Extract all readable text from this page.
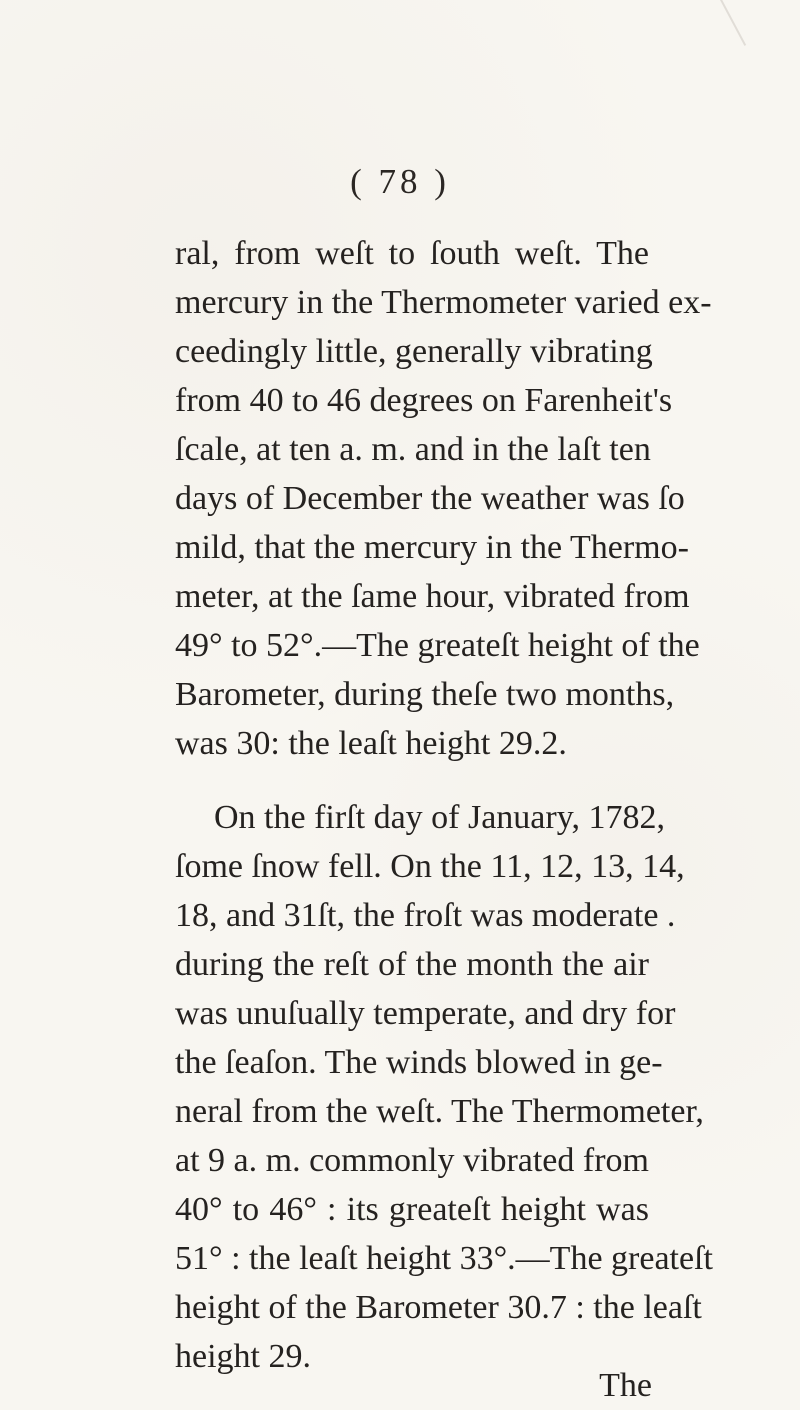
( 78 )
ral, from weſt to ſouth weſt. The
mercury in the Thermometer varied ex-
ceedingly little, generally vibrating
from 40 to 46 degrees on Farenheit's
ſcale, at ten a. m. and in the laſt ten
days of December the weather was ſo
mild, that the mercury in the Thermo-
meter, at the ſame hour, vibrated from
49° to 52°.—The greateſt height of the
Barometer, during theſe two months,
was 30: the leaſt height 29.2.
On the firſt day of January, 1782,
ſome ſnow fell. On the 11, 12, 13, 14,
18, and 31ſt, the froſt was moderate .
during the reſt of the month the air
was unuſually temperate, and dry for
the ſeaſon. The winds blowed in ge-
neral from the weſt. The Thermometer,
at 9 a. m. commonly vibrated from
40° to 46° : its greateſt height was
51° : the leaſt height 33°.—The greateſt
height of the Barometer 30.7 : the leaſt
height 29.
The
